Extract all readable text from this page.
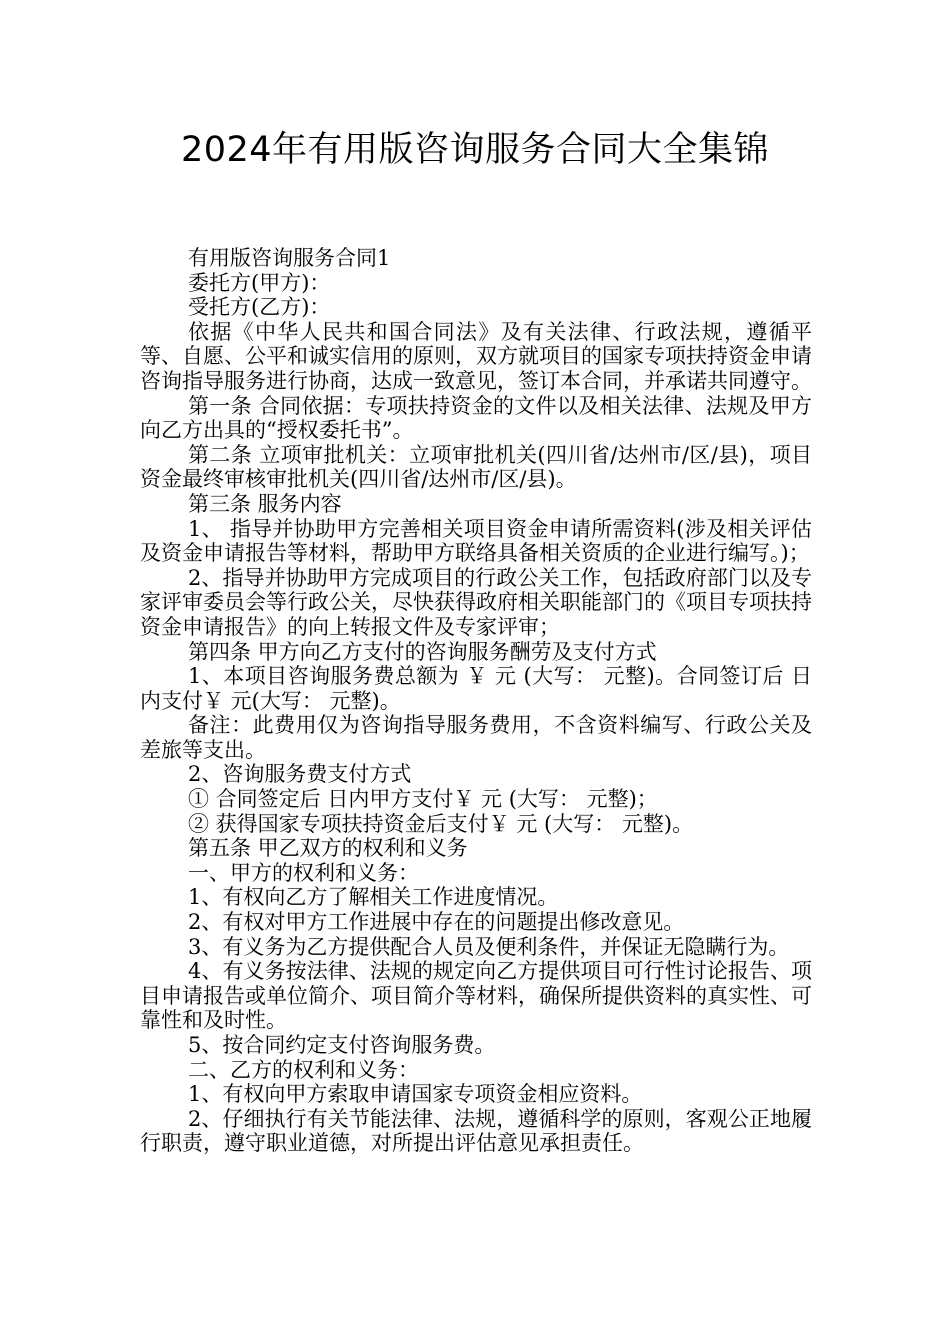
2024年有用版咨询服务合同大全集锦

有用版咨询服务合同1

委托方(甲方)：

受托方(乙方)：

依据《中华人民共和国合同法》及有关法律、行政法规，遵循平等、自愿、公平和诚实信用的原则，双方就项目的国家专项扶持资金申请咨询指导服务进行协商，达成一致意见，签订本合同，并承诺共同遵守。

第一条 合同依据：专项扶持资金的文件以及相关法律、法规及甲方向乙方出具的“授权委托书”。

第二条 立项审批机关：立项审批机关(四川省/达州市/区/县)，项目资金最终审核审批机关(四川省/达州市/区/县)。

第三条 服务内容

1、 指导并协助甲方完善相关项目资金申请所需资料(涉及相关评估及资金申请报告等材料，帮助甲方联络具备相关资质的企业进行编写。)；

2、指导并协助甲方完成项目的行政公关工作，包括政府部门以及专家评审委员会等行政公关，尽快获得政府相关职能部门的《项目专项扶持资金申请报告》的向上转报文件及专家评审；

第四条 甲方向乙方支付的咨询服务酬劳及支付方式

1、本项目咨询服务费总额为 ￥ 元 (大写： 元整)。合同签订后 日内支付￥ 元(大写： 元整)。

备注：此费用仅为咨询指导服务费用，不含资料编写、行政公关及差旅等支出。

2、咨询服务费支付方式

① 合同签定后 日内甲方支付￥ 元 (大写： 元整)；

② 获得国家专项扶持资金后支付￥ 元 (大写： 元整)。

第五条 甲乙双方的权利和义务

一、甲方的权利和义务：

1、有权向乙方了解相关工作进度情况。

2、有权对甲方工作进展中存在的问题提出修改意见。

3、有义务为乙方提供配合人员及便利条件，并保证无隐瞒行为。

4、有义务按法律、法规的规定向乙方提供项目可行性讨论报告、项目申请报告或单位简介、项目简介等材料，确保所提供资料的真实性、可靠性和及时性。

5、按合同约定支付咨询服务费。

二、乙方的权利和义务：

1、有权向甲方索取申请国家专项资金相应资料。

2、仔细执行有关节能法律、法规，遵循科学的原则，客观公正地履行职责，遵守职业道德，对所提出评估意见承担责任。
